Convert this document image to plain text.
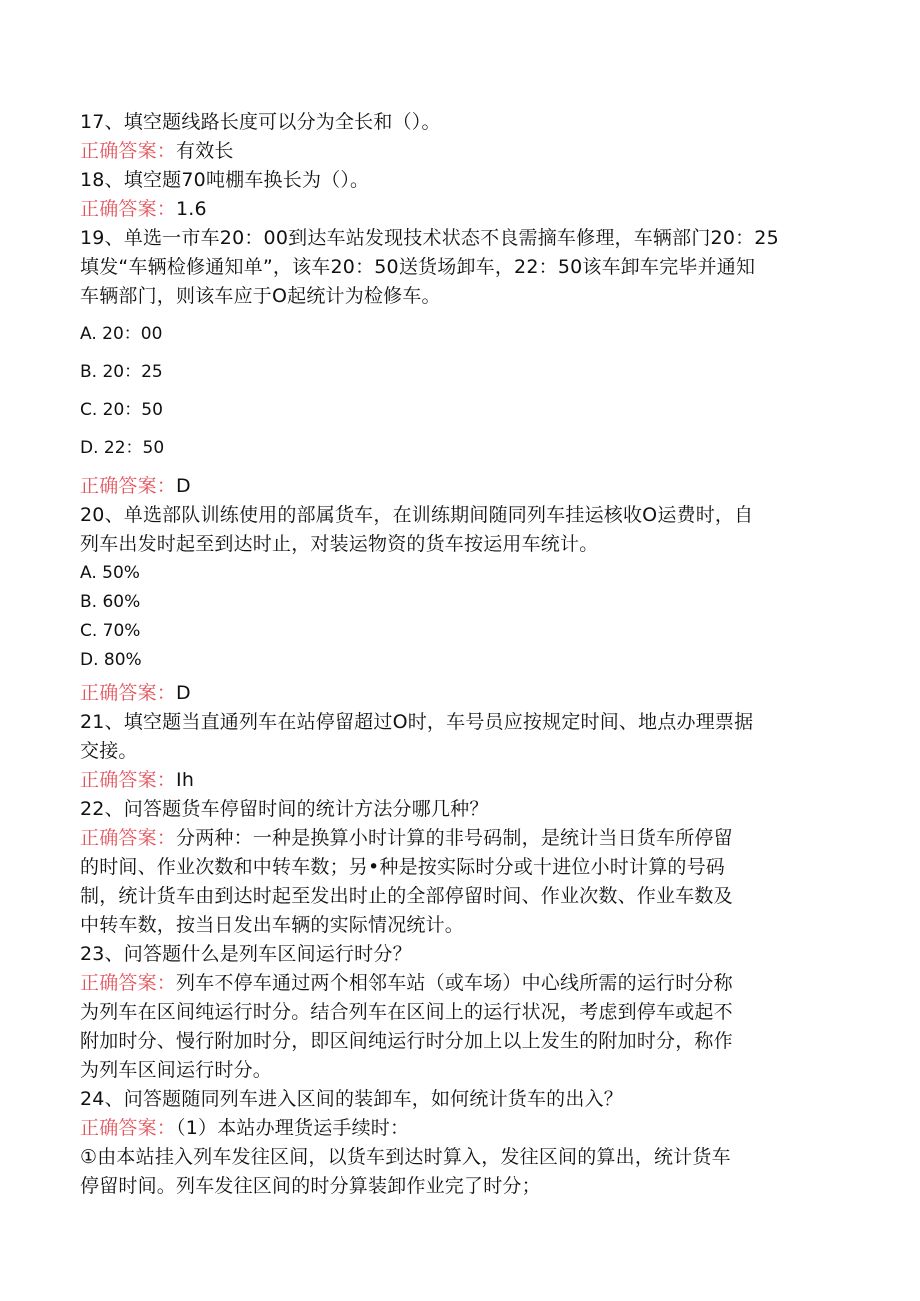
17、填空题线路长度可以分为全长和（）。

正确答案：有效长

18、填空题70吨棚车换长为（）。

正确答案：1.6

19、单选一市车20：00到达车站发现技术状态不良需摘车修理，车辆部门20：25

填发“车辆检修通知单”，该车20：50送货场卸车，22：50该车卸车完毕并通知

车辆部门，则该车应于O起统计为检修车。

A. 20：00

B. 20：25

C. 20：50

D. 22：50

正确答案：D

20、单选部队训练使用的部属货车，在训练期间随同列车挂运核收O运费时，自

列车出发时起至到达时止，对装运物资的货车按运用车统计。

A. 50%

B. 60%

C. 70%

D. 80%

正确答案：D

21、填空题当直通列车在站停留超过O时，车号员应按规定时间、地点办理票据

交接。

正确答案：Ih

22、问答题货车停留时间的统计方法分哪几种？

正确答案：分两种：一种是换算小时计算的非号码制，是统计当日货车所停留

的时间、作业次数和中转车数；另•种是按实际时分或十进位小时计算的号码

制，统计货车由到达时起至发出时止的全部停留时间、作业次数、作业车数及

中转车数，按当日发出车辆的实际情况统计。

23、问答题什么是列车区间运行时分？

正确答案：列车不停车通过两个相邻车站（或车场）中心线所需的运行时分称

为列车在区间纯运行时分。结合列车在区间上的运行状况，考虑到停车或起不

附加时分、慢行附加时分，即区间纯运行时分加上以上发生的附加时分，称作

为列车区间运行时分。

24、问答题随同列车进入区间的装卸车，如何统计货车的出入？

正确答案：（1）本站办理货运手续时：

①由本站挂入列车发往区间，以货车到达时算入，发往区间的算出，统计货车

停留时间。列车发往区间的时分算装卸作业完了时分；
